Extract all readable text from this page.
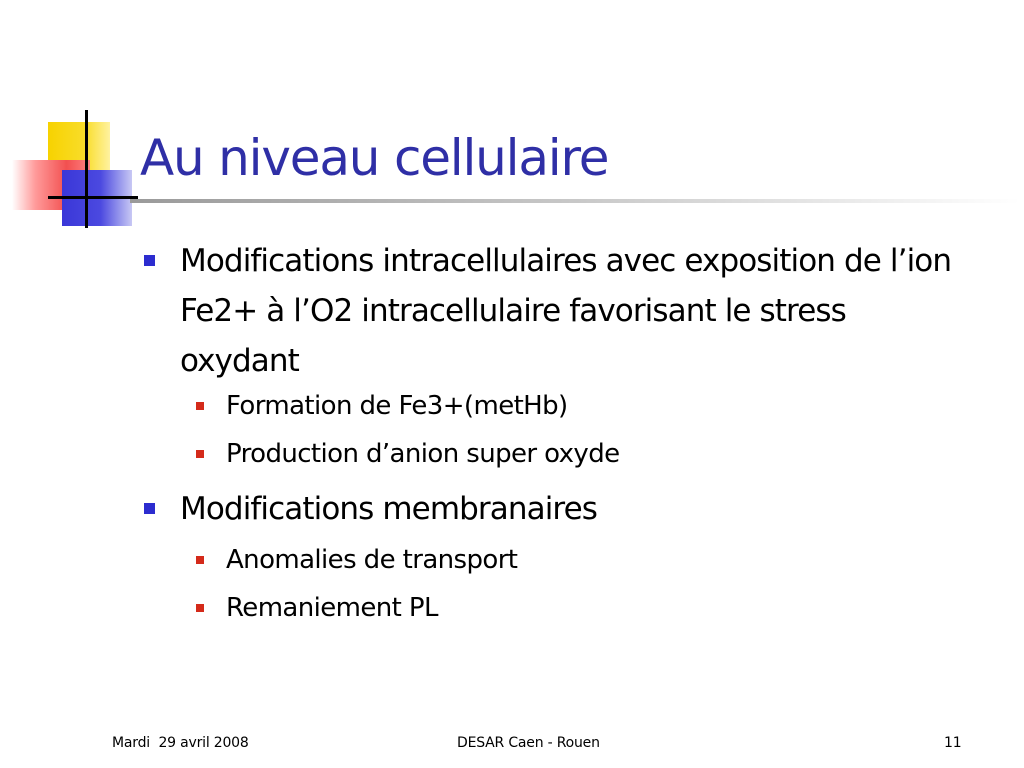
Au niveau cellulaire
Modifications intracellulaires avec exposition de l’ion Fe2+ à l’O2 intracellulaire favorisant le stress oxydant
Formation de Fe3+(metHb)
Production d’anion super oxyde
Modifications membranaires
Anomalies de transport
Remaniement PL
Mardi  29 avril 2008	DESAR Caen - Rouen	11
